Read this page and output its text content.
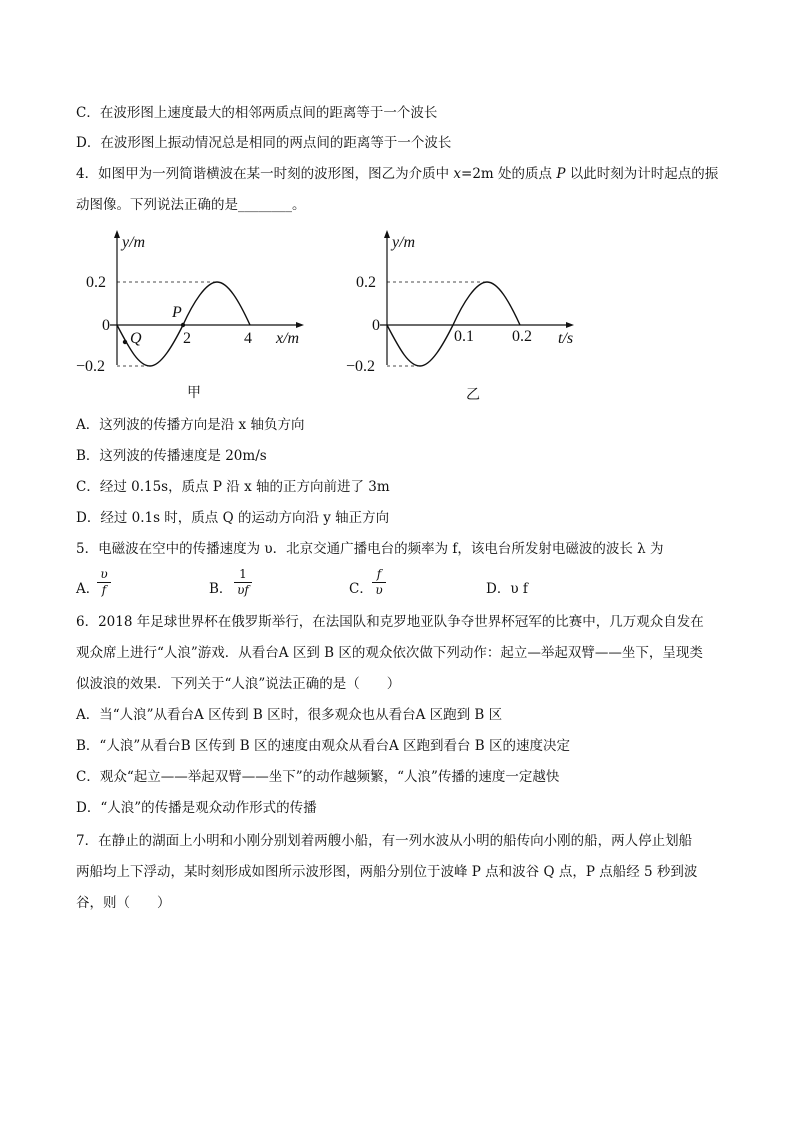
C．在波形图上速度最大的相邻两质点间的距离等于一个波长
D．在波形图上振动情况总是相同的两点间的距离等于一个波长
4．如图甲为一列简谐横波在某一时刻的波形图，图乙为介质中 x=2m 处的质点 P 以此时刻为计时起点的振
动图像。下列说法正确的是________。
y/m
0.2
0
−0.2
Q
P
2	4 x/m
甲
y/m
0.2
0
−0.2
0.1 0.2 t/s
乙
A．这列波的传播方向是沿 x 轴负方向
B．这列波的传播速度是 20m/s
C．经过 0.15s，质点 P 沿 x 轴的正方向前进了 3m
D．经过 0.1s 时，质点 Q 的运动方向沿 y 轴正方向
5．电磁波在空中的传播速度为 υ．北京交通广播电台的频率为 f，该电台所发射电磁波的波长 λ 为
A．
υ
f	B．
1
υf	C．
f
υ	D．υ f
6．2018 年足球世界杯在俄罗斯举行，在法国队和克罗地亚队争夺世界杯冠军的比赛中，几万观众自发在
观众席上进行“人浪”游戏．从看台A 区到 B 区的观众依次做下列动作：起立—举起双臂——坐下，呈现类
似波浪的效果．下列关于“人浪”说法正确的是（　　）
A．当“人浪”从看台A 区传到 B 区时，很多观众也从看台A 区跑到 B 区
B．“人浪”从看台B 区传到 B 区的速度由观众从看台A 区跑到看台 B 区的速度决定
C．观众“起立——举起双臂——坐下”的动作越频繁，“人浪”传播的速度一定越快
D．“人浪”的传播是观众动作形式的传播
7．在静止的湖面上小明和小刚分别划着两艘小船，有一列水波从小明的船传向小刚的船，两人停止划船
两船均上下浮动，某时刻形成如图所示波形图，两船分别位于波峰 P 点和波谷 Q 点，P 点船经 5 秒到波
谷，则（　　）
